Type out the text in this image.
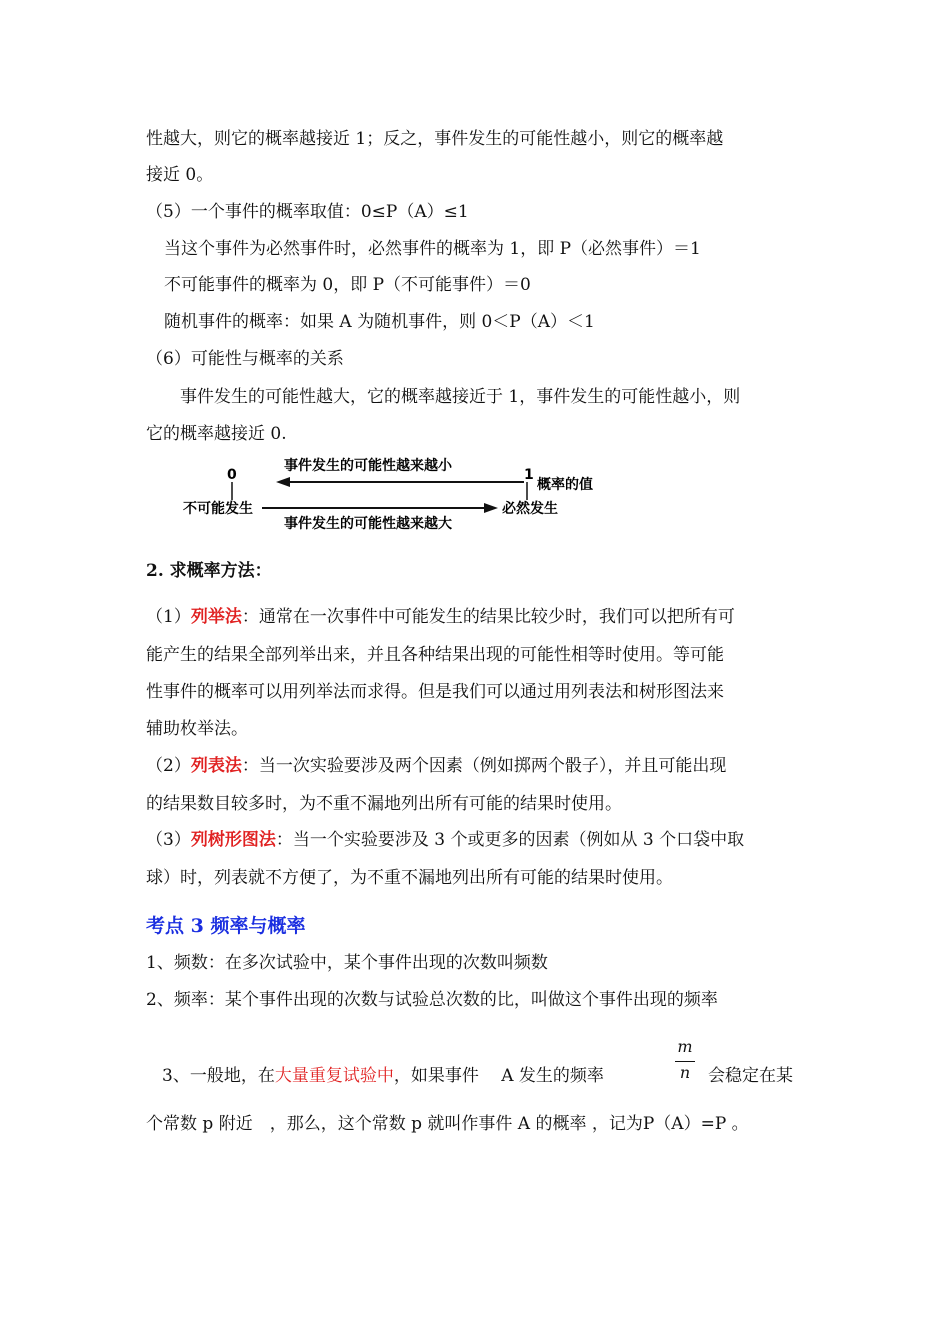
性越大，则它的概率越接近 1；反之，事件发生的可能性越小，则它的概率越
接近 0。
（5）一个事件的概率取值：0≤P（A）≤1
当这个事件为必然事件时，必然事件的概率为 1，即 P（必然事件）＝1
不可能事件的概率为 0，即 P（不可能事件）＝0
随机事件的概率：如果 A 为随机事件，则 0＜P（A）＜1
（6）可能性与概率的关系
事件发生的可能性越大，它的概率越接近于 1，事件发生的可能性越小，则
它的概率越接近 0.
0	1
事件发生的可能性越来越小
概率的值
不可能发生	必然发生
事件发生的可能性越来越大
2. 求概率方法：
（1）列举法：通常在一次事件中可能发生的结果比较少时，我们可以把所有可
能产生的结果全部列举出来，并且各种结果出现的可能性相等时使用。等可能
性事件的概率可以用列举法而求得。但是我们可以通过用列表法和树形图法来
辅助枚举法。
（2）列表法：当一次实验要涉及两个因素（例如掷两个骰子），并且可能出现
的结果数目较多时，为不重不漏地列出所有可能的结果时使用。
（3）列树形图法：当一个实验要涉及 3 个或更多的因素（例如从 3 个口袋中取
球）时，列表就不方便了，为不重不漏地列出所有可能的结果时使用。
考点 3 频率与概率
1、频数：在多次试验中，某个事件出现的次数叫频数
2、频率：某个事件出现的次数与试验总次数的比，叫做这个事件出现的频率
3、一般地，在大量重复试验中，如果事件　 A 发生的频率
m
n	会稳定在某
个常数 p 附近　，那么，这个常数 p 就叫作事件 A 的概率 ，记为P（A）=P 。
